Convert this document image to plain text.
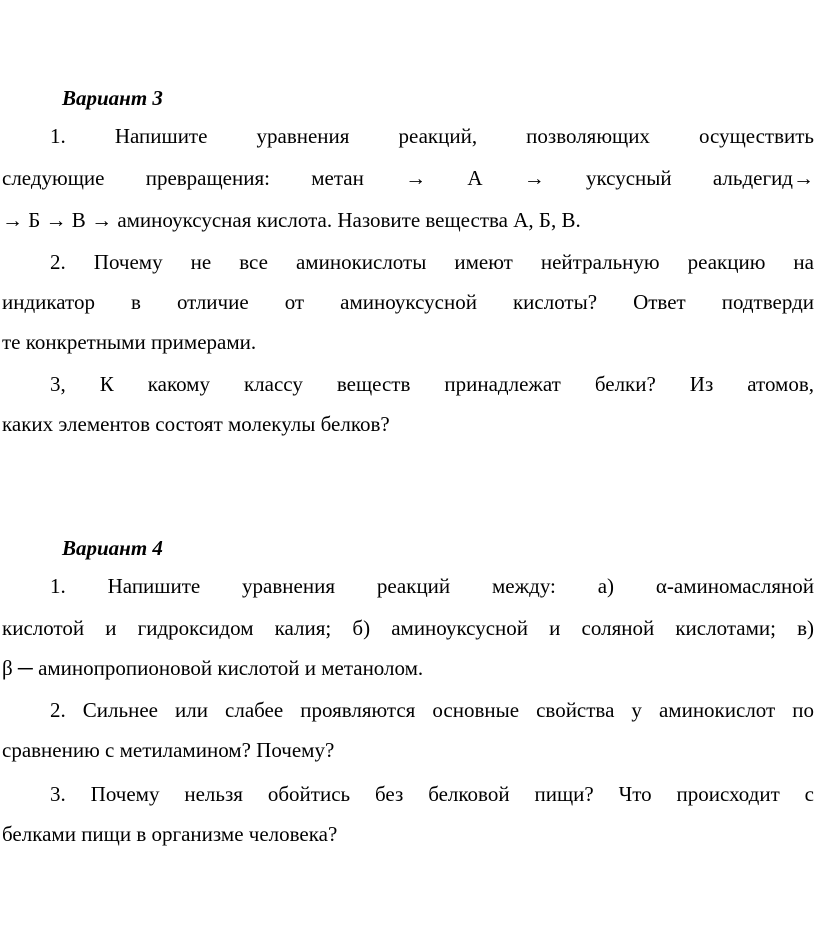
Вариант 3
1. Напишите уравнения реакций, позволяющих осуществить
следующие превращения: метан → А → уксусный альдегид→
→ Б → В → аминоуксусная кислота. Назовите вещества А, Б, В.
2. Почему не все аминокислоты имеют нейтральную реакцию на
индикатор в отличие от аминоуксусной кислоты? Ответ подтверди
те конкретными примерами.
3, К какому классу веществ принадлежат белки? Из атомов,
каких элементов состоят молекулы белков?
Вариант 4
1. Напишите уравнения реакций между: а) α-аминомасляной
кислотой и гидроксидом калия; б) аминоуксусной и соляной кислотами; в)
β ─ аминопропионовой кислотой и метанолом.
2. Сильнее или слабее проявляются основные свойства у аминокислот по
сравнению с метиламином? Почему?
3. Почему нельзя обойтись без белковой пищи? Что происходит с
белками пищи в организме человека?
